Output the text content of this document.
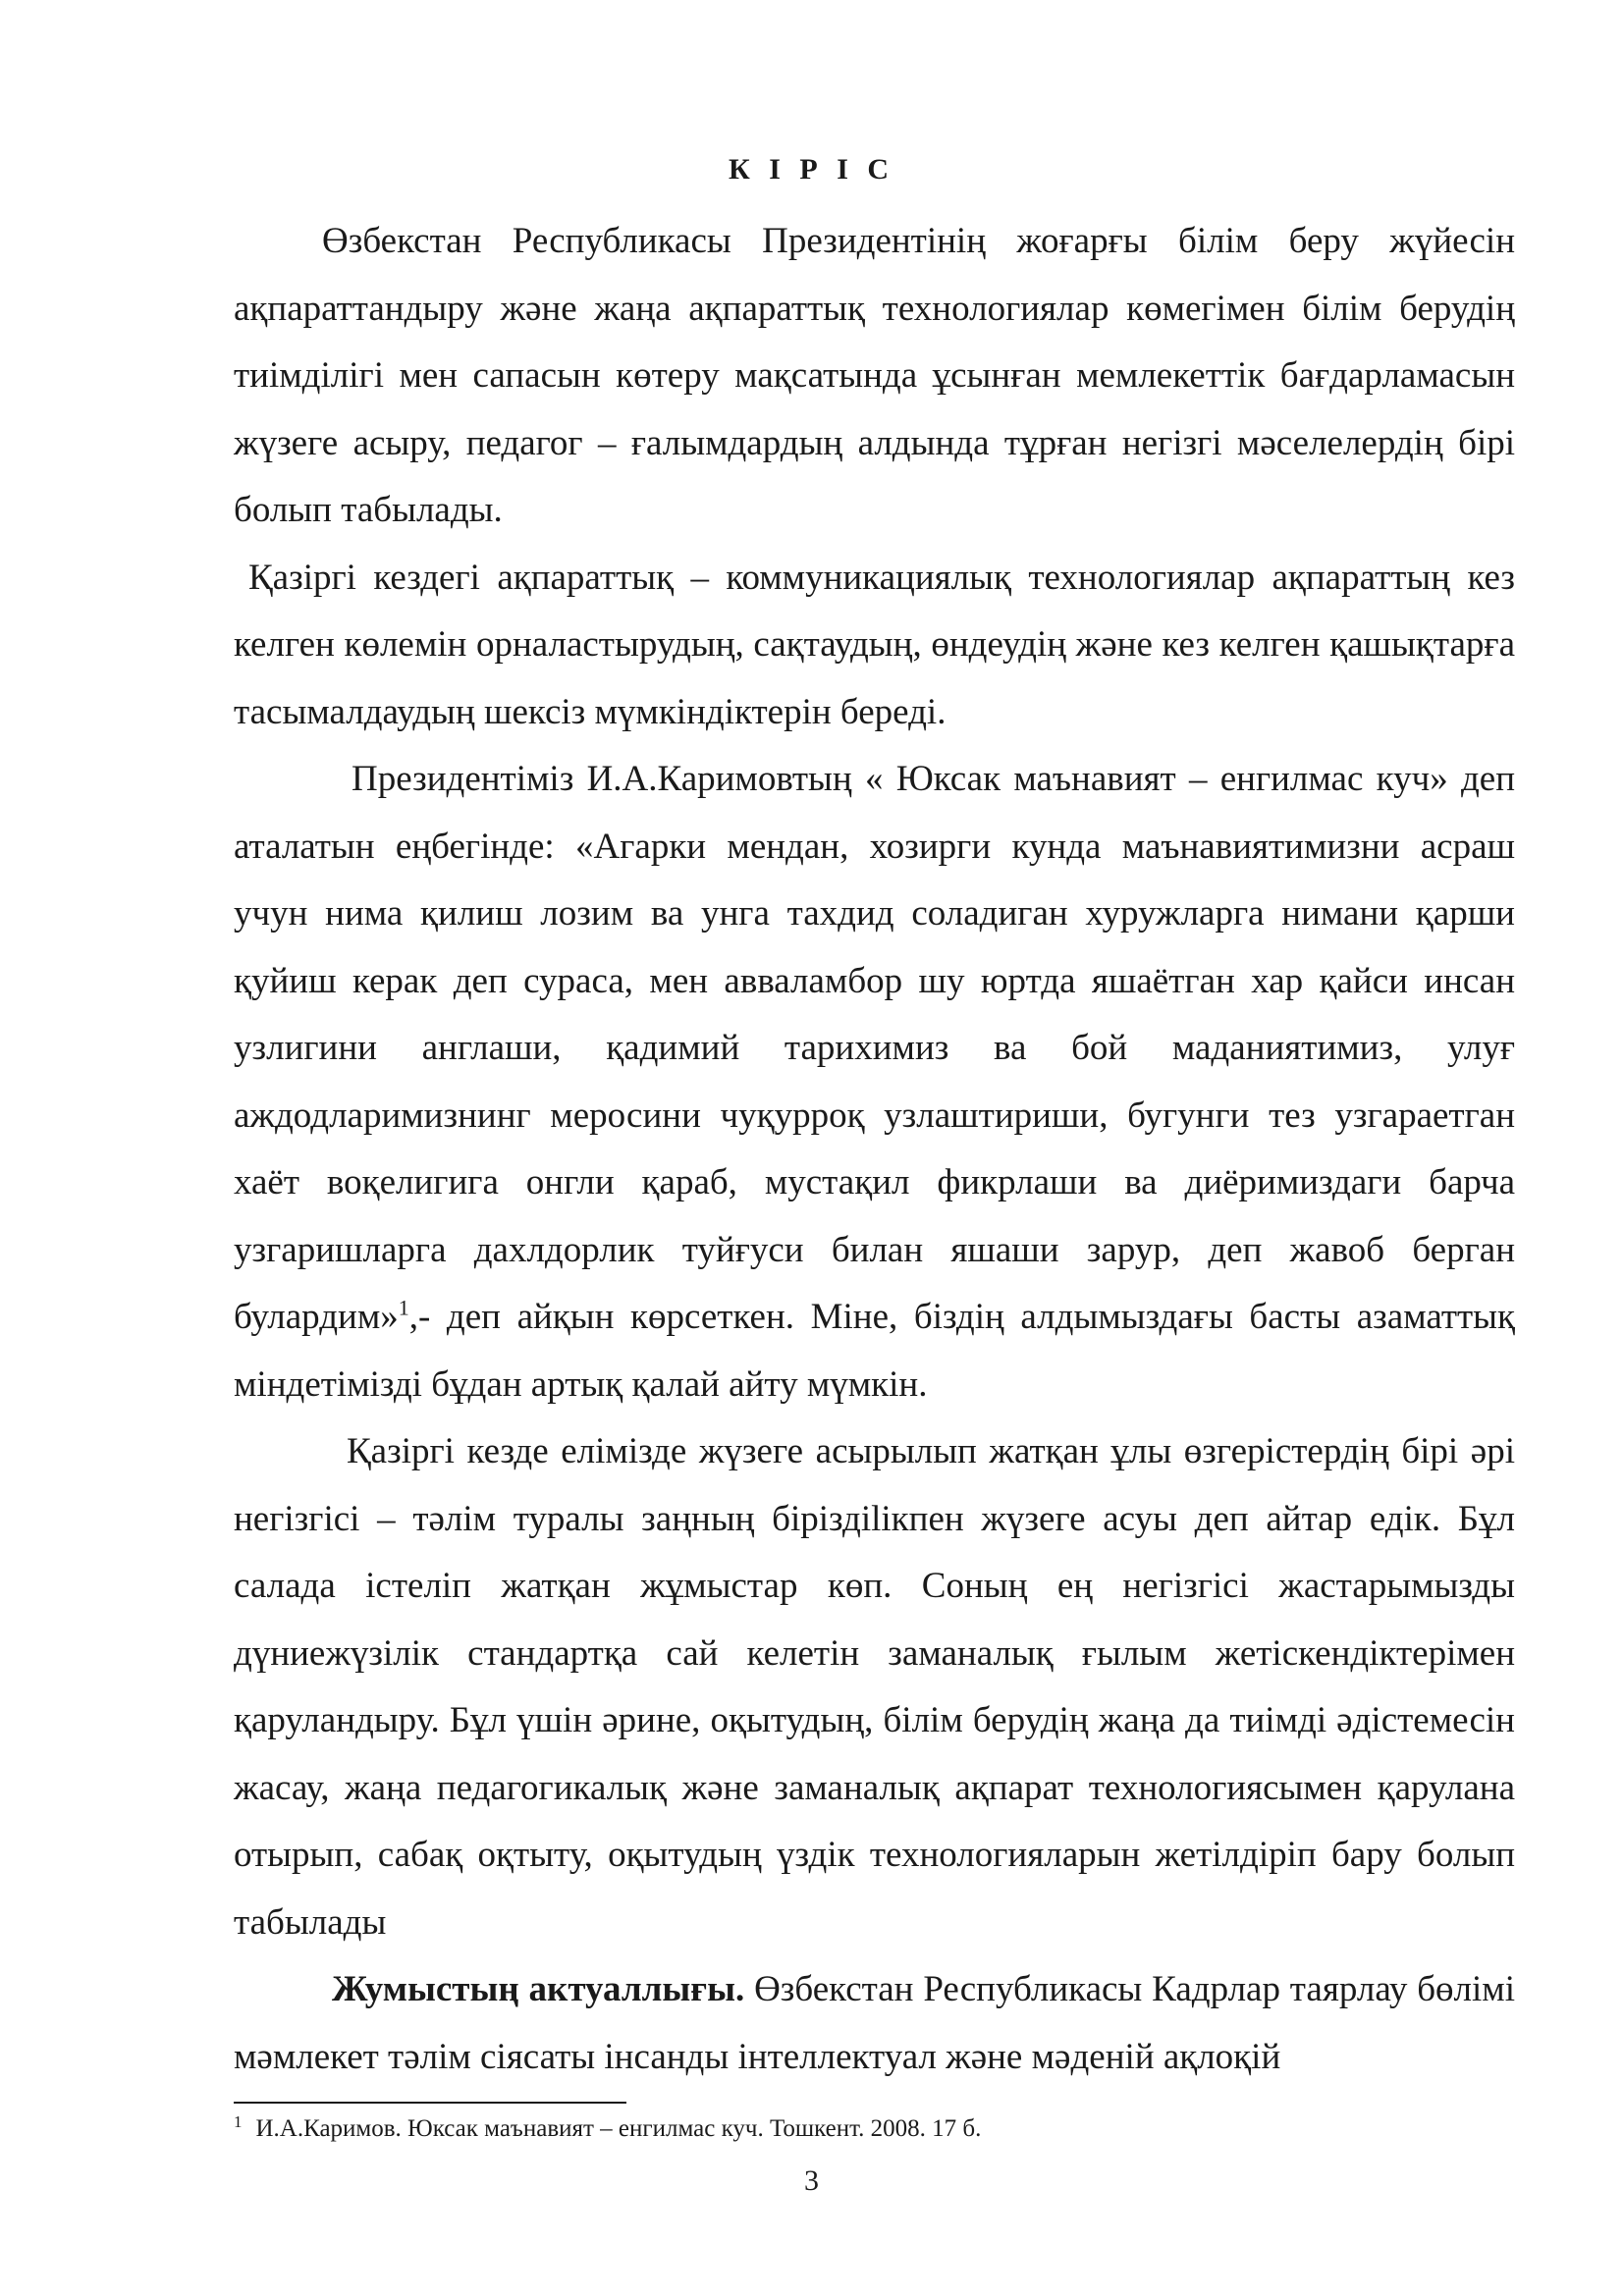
К І Р І С

Өзбекстан Республикасы Президентінің жоғарғы білім беру жүйесін ақпараттандыру және жаңа ақпараттық технологиялар көмегімен білім берудің тиімділігі мен сапасын көтеру мақсатында ұсынған мемлекеттік бағдарламасын жүзеге асыру, педагог – ғалымдардың алдында тұрған негізгі мәселелердің бірі болып табылады.

Қазіргі кездегі ақпараттық – коммуникациялық технологиялар ақпараттың кез келген көлемін орналастырудың, сақтаудың, өндеудің және кез келген қашықтарға тасымалдаудың шексіз мүмкіндіктерін береді.

Президентіміз И.А.Каримовтың « Юксак маънавият – енгилмас куч» деп аталатын еңбегінде: «Агарки мендан, хозирги кунда маънавиятимизни асраш учун нима қилиш лозим ва унга тахдид соладиган хуружларга нимани қарши қуйиш керак деп сураса, мен авваламбор шу юртда яшаётган хар қайси инсан узлигини англаши, қадимий тарихимиз ва бой маданиятимиз, улуғ аждодларимизнинг меросини чуқурроқ узлаштириши, бугунги тез узгараетган хаёт воқелигига онгли қараб, мустақил фикрлаши ва диёримиздаги барча узгаришларга дахлдорлик туйғуси билан яшаши зарур, деп жавоб берган булардим»$^1$,- деп айқын көрсеткен. Міне, біздің алдымыздағы басты азаматтық міндетімізді бұдан артық қалай айту мүмкін.

Қазіргі кезде елімізде жүзеге асырылып жатқан ұлы өзгерістердің бірі әрі негізгісі – тәлім туралы заңның біріздіlікпен жүзеге асуы деп айтар едік. Бұл салада істеліп жатқан жұмыстар көп. Соның ең негізгісі жастарымызды дүниежүзілік стандартқа сай келетін заманалық ғылым жетіскендіктерімен қаруландыру. Бұл үшін әрине, оқытудың, білім берудің жаңа да тиімді әдістемесін жасау, жаңа педагогикалық және заманалық ақпарат технологиясымен қарулана отырып, сабақ оқтыту, оқытудың үздік технологияларын жетілдіріп бару болып табылады

Жумыстың актуаллығы. Өзбекстан Республикасы Кадрлар таярлау бөлімі мәмлекет тәлім сіясаты інсанды інтеллектуал және мәденій ақлоқій

$^1$ И.А.Каримов. Юксак маънавият – енгилмас куч. Тошкент. 2008. 17 б.
3
